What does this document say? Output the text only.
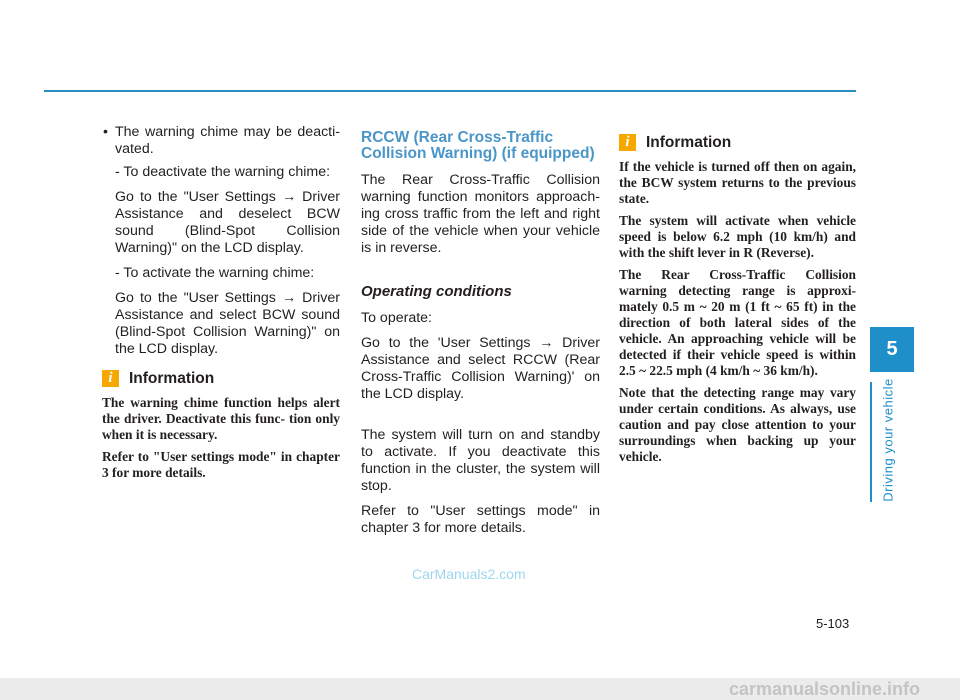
• The warning chime may be deacti- vated.

- To deactivate the warning chime:

Go to the "User Settings → Driver Assistance and deselect BCW sound (Blind-Spot Collision Warning)" on the LCD display.

- To activate the warning chime:

Go to the "User Settings → Driver Assistance and select BCW sound (Blind-Spot Collision Warning)" on the LCD display.

i	Information

The warning chime function helps alert the driver. Deactivate this func- tion only when it is necessary.

Refer to "User settings mode" in chapter 3 for more details.

RCCW (Rear Cross-Traffic Collision Warning) (if equipped)

The Rear Cross-Traffic Collision warning function monitors approach- ing cross traffic from the left and right side of the vehicle when your vehicle is in reverse.

Operating conditions

To operate:

Go to the 'User Settings → Driver Assistance and select RCCW (Rear Cross-Traffic Collision Warning)' on the LCD display.

The system will turn on and standby to activate. If you deactivate this function in the cluster, the system will stop.

Refer to "User settings mode" in chapter 3 for more details.

i	Information

If the vehicle is turned off then on again, the BCW system returns to the previous state.

The system will activate when vehicle speed is below 6.2 mph (10 km/h) and with the shift lever in R (Reverse).

The Rear Cross-Traffic Collision warning detecting range is approxi- mately 0.5 m ~ 20 m (1 ft ~ 65 ft) in the direction of both lateral sides of the vehicle. An approaching vehicle will be detected if their vehicle speed is within 2.5 ~ 22.5 mph (4 km/h ~ 36 km/h).

Note that the detecting range may vary under certain conditions. As always, use caution and pay close attention to your surroundings when backing up your vehicle.

5
Driving your vehicle
CarManuals2.com
5-103
carmanualsonline.info
